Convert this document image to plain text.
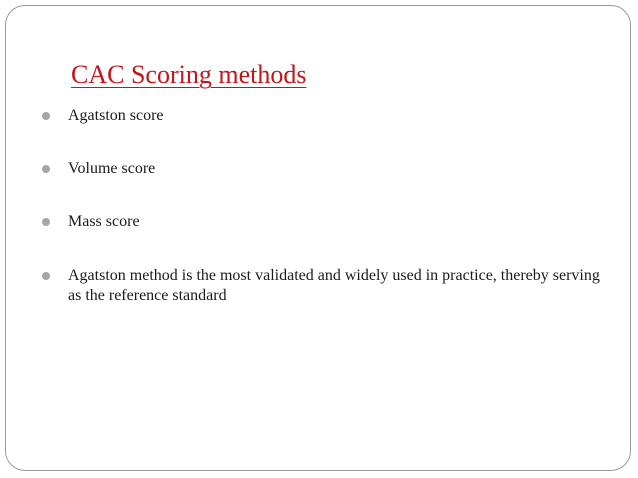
CAC Scoring methods
Agatston score
Volume score
Mass score
Agatston method is the most validated and widely used in practice, thereby serving as the reference standard
